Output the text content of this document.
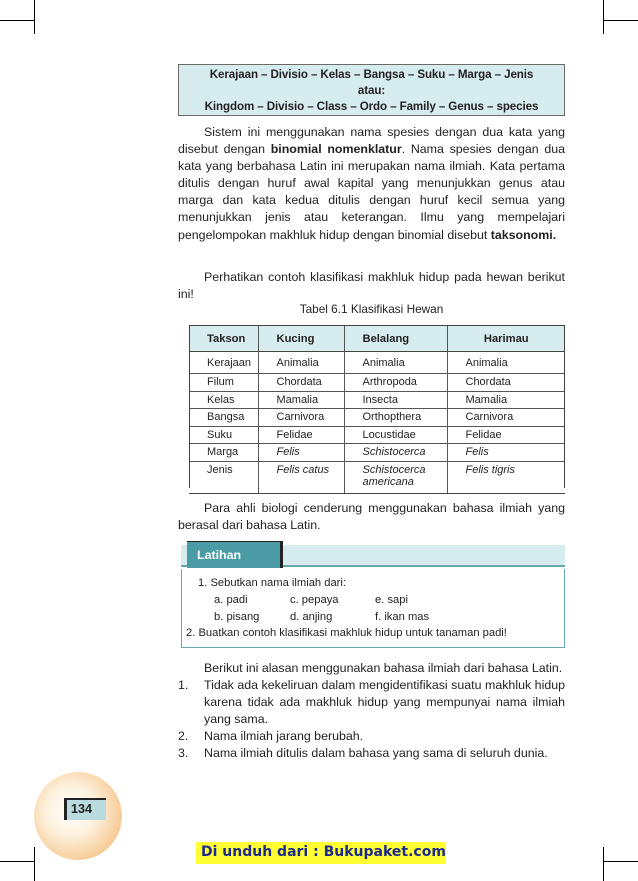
Kerajaan – Divisio – Kelas – Bangsa – Suku – Marga – Jenis
atau:
Kingdom – Divisio – Class – Ordo – Family – Genus – species
Sistem ini menggunakan nama spesies dengan dua kata yang disebut dengan binomial nomenklatur. Nama spesies dengan dua kata yang berbahasa Latin ini merupakan nama ilmiah. Kata pertama ditulis dengan huruf awal kapital yang menunjukkan genus atau marga dan kata kedua ditulis dengan huruf kecil semua yang menunjukkan jenis atau keterangan. Ilmu yang mempelajari pengelompokan makhluk hidup dengan binomial disebut taksonomi.
Perhatikan contoh klasifikasi makhluk hidup pada hewan berikut ini!
Tabel 6.1 Klasifikasi Hewan
Takson	Kucing	Belalang	Harimau
Kerajaan	Animalia	Animalia	Animalia
Filum	Chordata	Arthropoda	Chordata
Kelas	Mamalia	Insecta	Mamalia
Bangsa	Carnivora	Orthopthera	Carnivora
Suku	Felidae	Locustidae	Felidae
Marga	Felis	Schistocerca	Felis
Jenis	Felis catus	Schistocerca americana	Felis tigris
Para ahli biologi cenderung menggunakan bahasa ilmiah yang berasal dari bahasa Latin.
Latihan
1. Sebutkan nama ilmiah dari:
a. padi	c. pepaya	e. sapi
b. pisang	d. anjing	f. ikan mas
2. Buatkan contoh klasifikasi makhluk hidup untuk tanaman padi!
Berikut ini alasan menggunakan bahasa ilmiah dari bahasa Latin.
1.	Tidak ada kekeliruan dalam mengidentifikasi suatu makhluk hidup karena tidak ada makhluk hidup yang mempunyai nama ilmiah yang sama.
2.	Nama ilmiah jarang berubah.
3.	Nama ilmiah ditulis dalam bahasa yang sama di seluruh dunia.
134
Di unduh dari : Bukupaket.com
